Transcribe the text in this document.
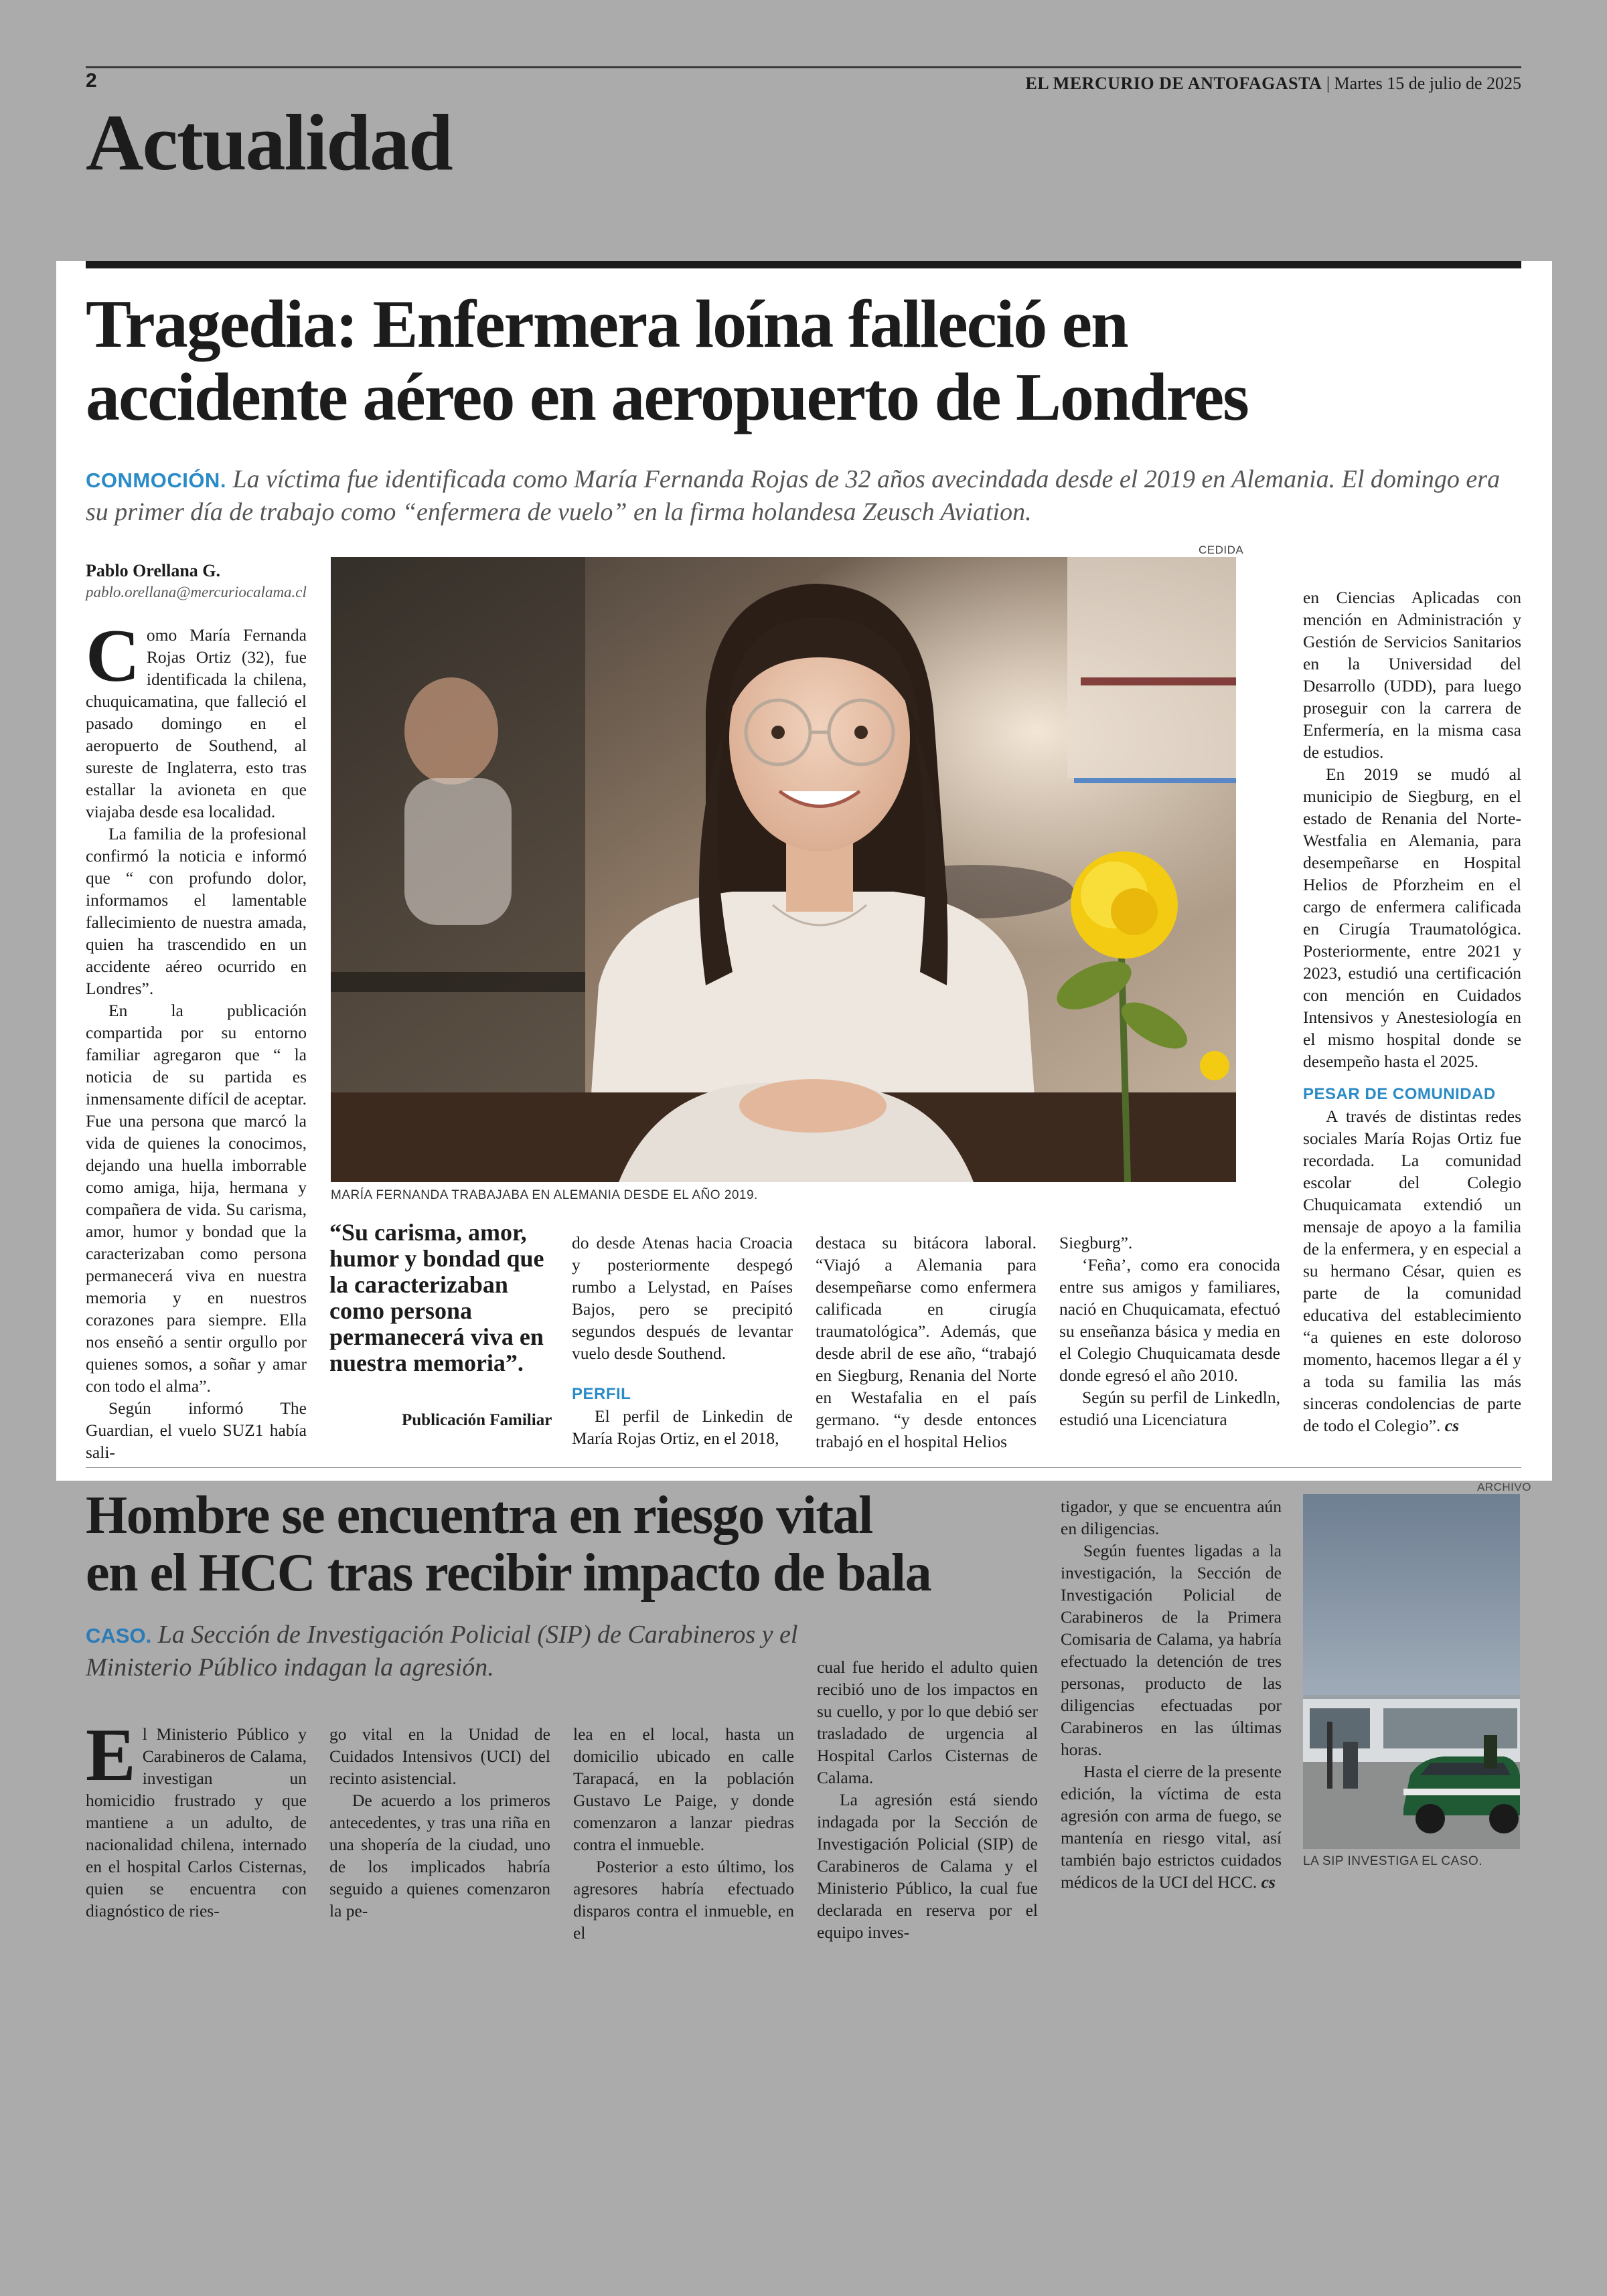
2	EL MERCURIO DE ANTOFAGASTA | Martes 15 de julio de 2025
Actualidad
Tragedia: Enfermera loína falleció en
accidente aéreo en aeropuerto de Londres
CONMOCIÓN. La víctima fue identificada como María Fernanda Rojas de 32 años avecindada desde el 2019 en Alemania. El domingo era su primer día de trabajo como “enfermera de vuelo” en la firma holandesa Zeusch Aviation.
Pablo Orellana G.
pablo.orellana@mercuriocalama.cl

Como María Fernanda Rojas Ortiz (32), fue identificada la chilena, chuquicamatina, que falleció el pasado domingo en el aeropuerto de Southend, al sureste de Inglaterra, esto tras estallar la avioneta en que viajaba desde esa localidad.

La familia de la profesional confirmó la noticia e informó que “ con profundo dolor, informamos el lamentable fallecimiento de nuestra amada, quien ha trascendido en un accidente aéreo ocurrido en Londres”.

En la publicación compartida por su entorno familiar agregaron que “ la noticia de su partida es inmensamente difícil de aceptar. Fue una persona que marcó la vida de quienes la conocimos, dejando una huella imborrable como amiga, hija, hermana y compañera de vida. Su carisma, amor, humor y bondad que la caracterizaban como persona permanecerá viva en nuestra memoria y en nuestros corazones para siempre. Ella nos enseñó a sentir orgullo por quienes somos, a soñar y amar con todo el alma”.

Según informó The Guardian, el vuelo SUZ1 había sali-

CEDIDA
MARÍA FERNANDA TRABAJABA EN ALEMANIA DESDE EL AÑO 2019.
“Su carisma, amor, humor y bondad que la caracterizaban como persona permanecerá viva en nuestra memoria”.
Publicación Familiar

do desde Atenas hacia Croacia y posteriormente despegó rumbo a Lelystad, en Países Bajos, pero se precipitó segundos después de levantar vuelo desde Southend.

PERFIL

El perfil de Linkedin de María Rojas Ortiz, en el 2018,

destaca su bitácora laboral. “Viajó a Alemania para desempeñarse como enfermera calificada en cirugía traumatológica”. Además, que desde abril de ese año, “trabajó en Siegburg, Renania del Norte en Westafalia en el país germano. “y desde entonces trabajó en el hospital Helios

Siegburg”.

‘Feña’, como era conocida entre sus amigos y familiares, nació en Chuquicamata, efectuó su enseñanza básica y media en el Colegio Chuquicamata desde donde egresó el año 2010.

Según su perfil de Linkedln, estudió una Licenciatura

en Ciencias Aplicadas con mención en Administración y Gestión de Servicios Sanitarios en la Universidad del Desarrollo (UDD), para luego proseguir con la carrera de Enfermería, en la misma casa de estudios.

En 2019 se mudó al municipio de Siegburg, en el estado de Renania del Norte-Westfalia en Alemania, para desempeñarse en Hospital Helios de Pforzheim en el cargo de enfermera calificada en Cirugía Traumatológica. Posteriormente, entre 2021 y 2023, estudió una certificación con mención en Cuidados Intensivos y Anestesiología en el mismo hospital donde se desempeño hasta el 2025.

PESAR DE COMUNIDAD

A través de distintas redes sociales María Rojas Ortiz fue recordada. La comunidad escolar del Colegio Chuquicamata extendió un mensaje de apoyo a la familia de la enfermera, y en especial a su hermano César, quien es parte de la comunidad educativa del establecimiento “a quienes en este doloroso momento, hacemos llegar a él y a toda su familia las más sinceras condolencias de parte de todo el Colegio”. cs

Hombre se encuentra en riesgo vital
en el HCC tras recibir impacto de bala
CASO. La Sección de Investigación Policial (SIP) de Carabineros y el Ministerio Público indagan la agresión.

El Ministerio Público y Carabineros de Calama, investigan un homicidio frustrado y que mantiene a un adulto, de nacionalidad chilena, internado en el hospital Carlos Cisternas, quien se encuentra con diagnóstico de ries-

go vital en la Unidad de Cuidados Intensivos (UCI) del recinto asistencial.

De acuerdo a los primeros antecedentes, y tras una riña en una shopería de la ciudad, uno de los implicados habría seguido a quienes comenzaron la pe-

lea en el local, hasta un domicilio ubicado en calle Tarapacá, en la población Gustavo Le Paige, y donde comenzaron a lanzar piedras contra el inmueble.

Posterior a esto último, los agresores habría efectuado disparos contra el inmueble, en el

cual fue herido el adulto quien recibió uno de los impactos en su cuello, y por lo que debió ser trasladado de urgencia al Hospital Carlos Cisternas de Calama.

La agresión está siendo indagada por la Sección de Investigación Policial (SIP) de Carabineros de Calama y el Ministerio Público, la cual fue declarada en reserva por el equipo inves-

tigador, y que se encuentra aún en diligencias.

Según fuentes ligadas a la investigación, la Sección de Investigación Policial de Carabineros de la Primera Comisaria de Calama, ya habría efectuado la detención de tres personas, producto de las diligencias efectuadas por Carabineros en las últimas horas.

Hasta el cierre de la presente edición, la víctima de esta agresión con arma de fuego, se mantenía en riesgo vital, así también bajo estrictos cuidados médicos de la UCI del HCC. cs

ARCHIVO
LA SIP INVESTIGA EL CASO.
